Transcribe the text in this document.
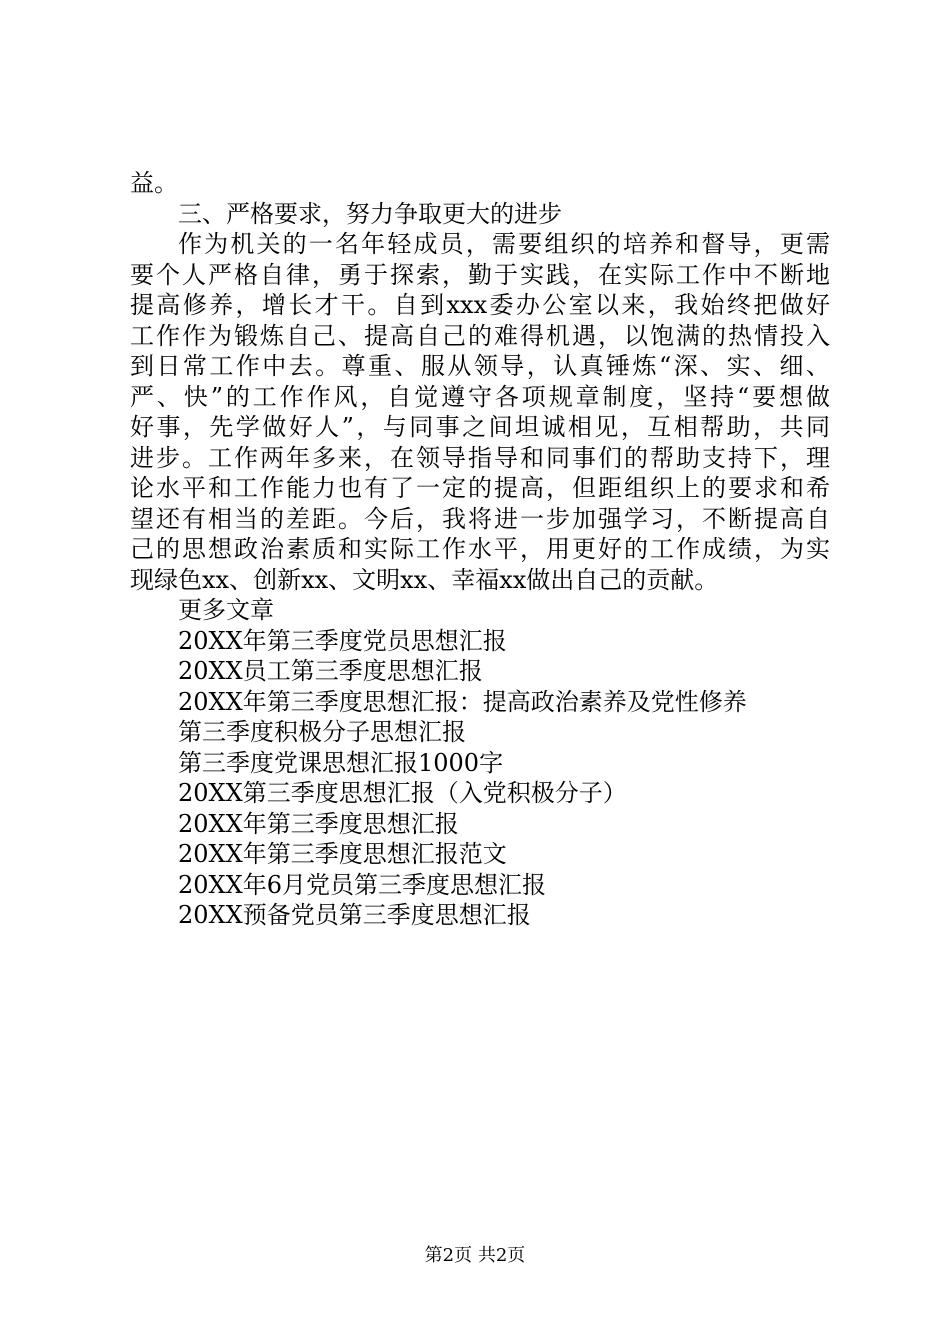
益。
三、严格要求，努力争取更大的进步
作为机关的一名年轻成员，需要组织的培养和督导，更需
要个人严格自律，勇于探索，勤于实践，在实际工作中不断地
提高修养，增长才干。自到xxx委办公室以来，我始终把做好
工作作为锻炼自己、提高自己的难得机遇，以饱满的热情投入
到日常工作中去。尊重、服从领导，认真锤炼“深、实、细、
严、快”的工作作风，自觉遵守各项规章制度，坚持“要想做
好事，先学做好人”，与同事之间坦诚相见，互相帮助，共同
进步。工作两年多来，在领导指导和同事们的帮助支持下，理
论水平和工作能力也有了一定的提高，但距组织上的要求和希
望还有相当的差距。今后，我将进一步加强学习，不断提高自
己的思想政治素质和实际工作水平，用更好的工作成绩，为实
现绿色xx、创新xx、文明xx、幸福xx做出自己的贡献。
更多文章
20XX年第三季度党员思想汇报
20XX员工第三季度思想汇报
20XX年第三季度思想汇报：提高政治素养及党性修养
第三季度积极分子思想汇报
第三季度党课思想汇报1000字
20XX第三季度思想汇报（入党积极分子）
20XX年第三季度思想汇报
20XX年第三季度思想汇报范文
20XX年6月党员第三季度思想汇报
20XX预备党员第三季度思想汇报
第2页 共2页
